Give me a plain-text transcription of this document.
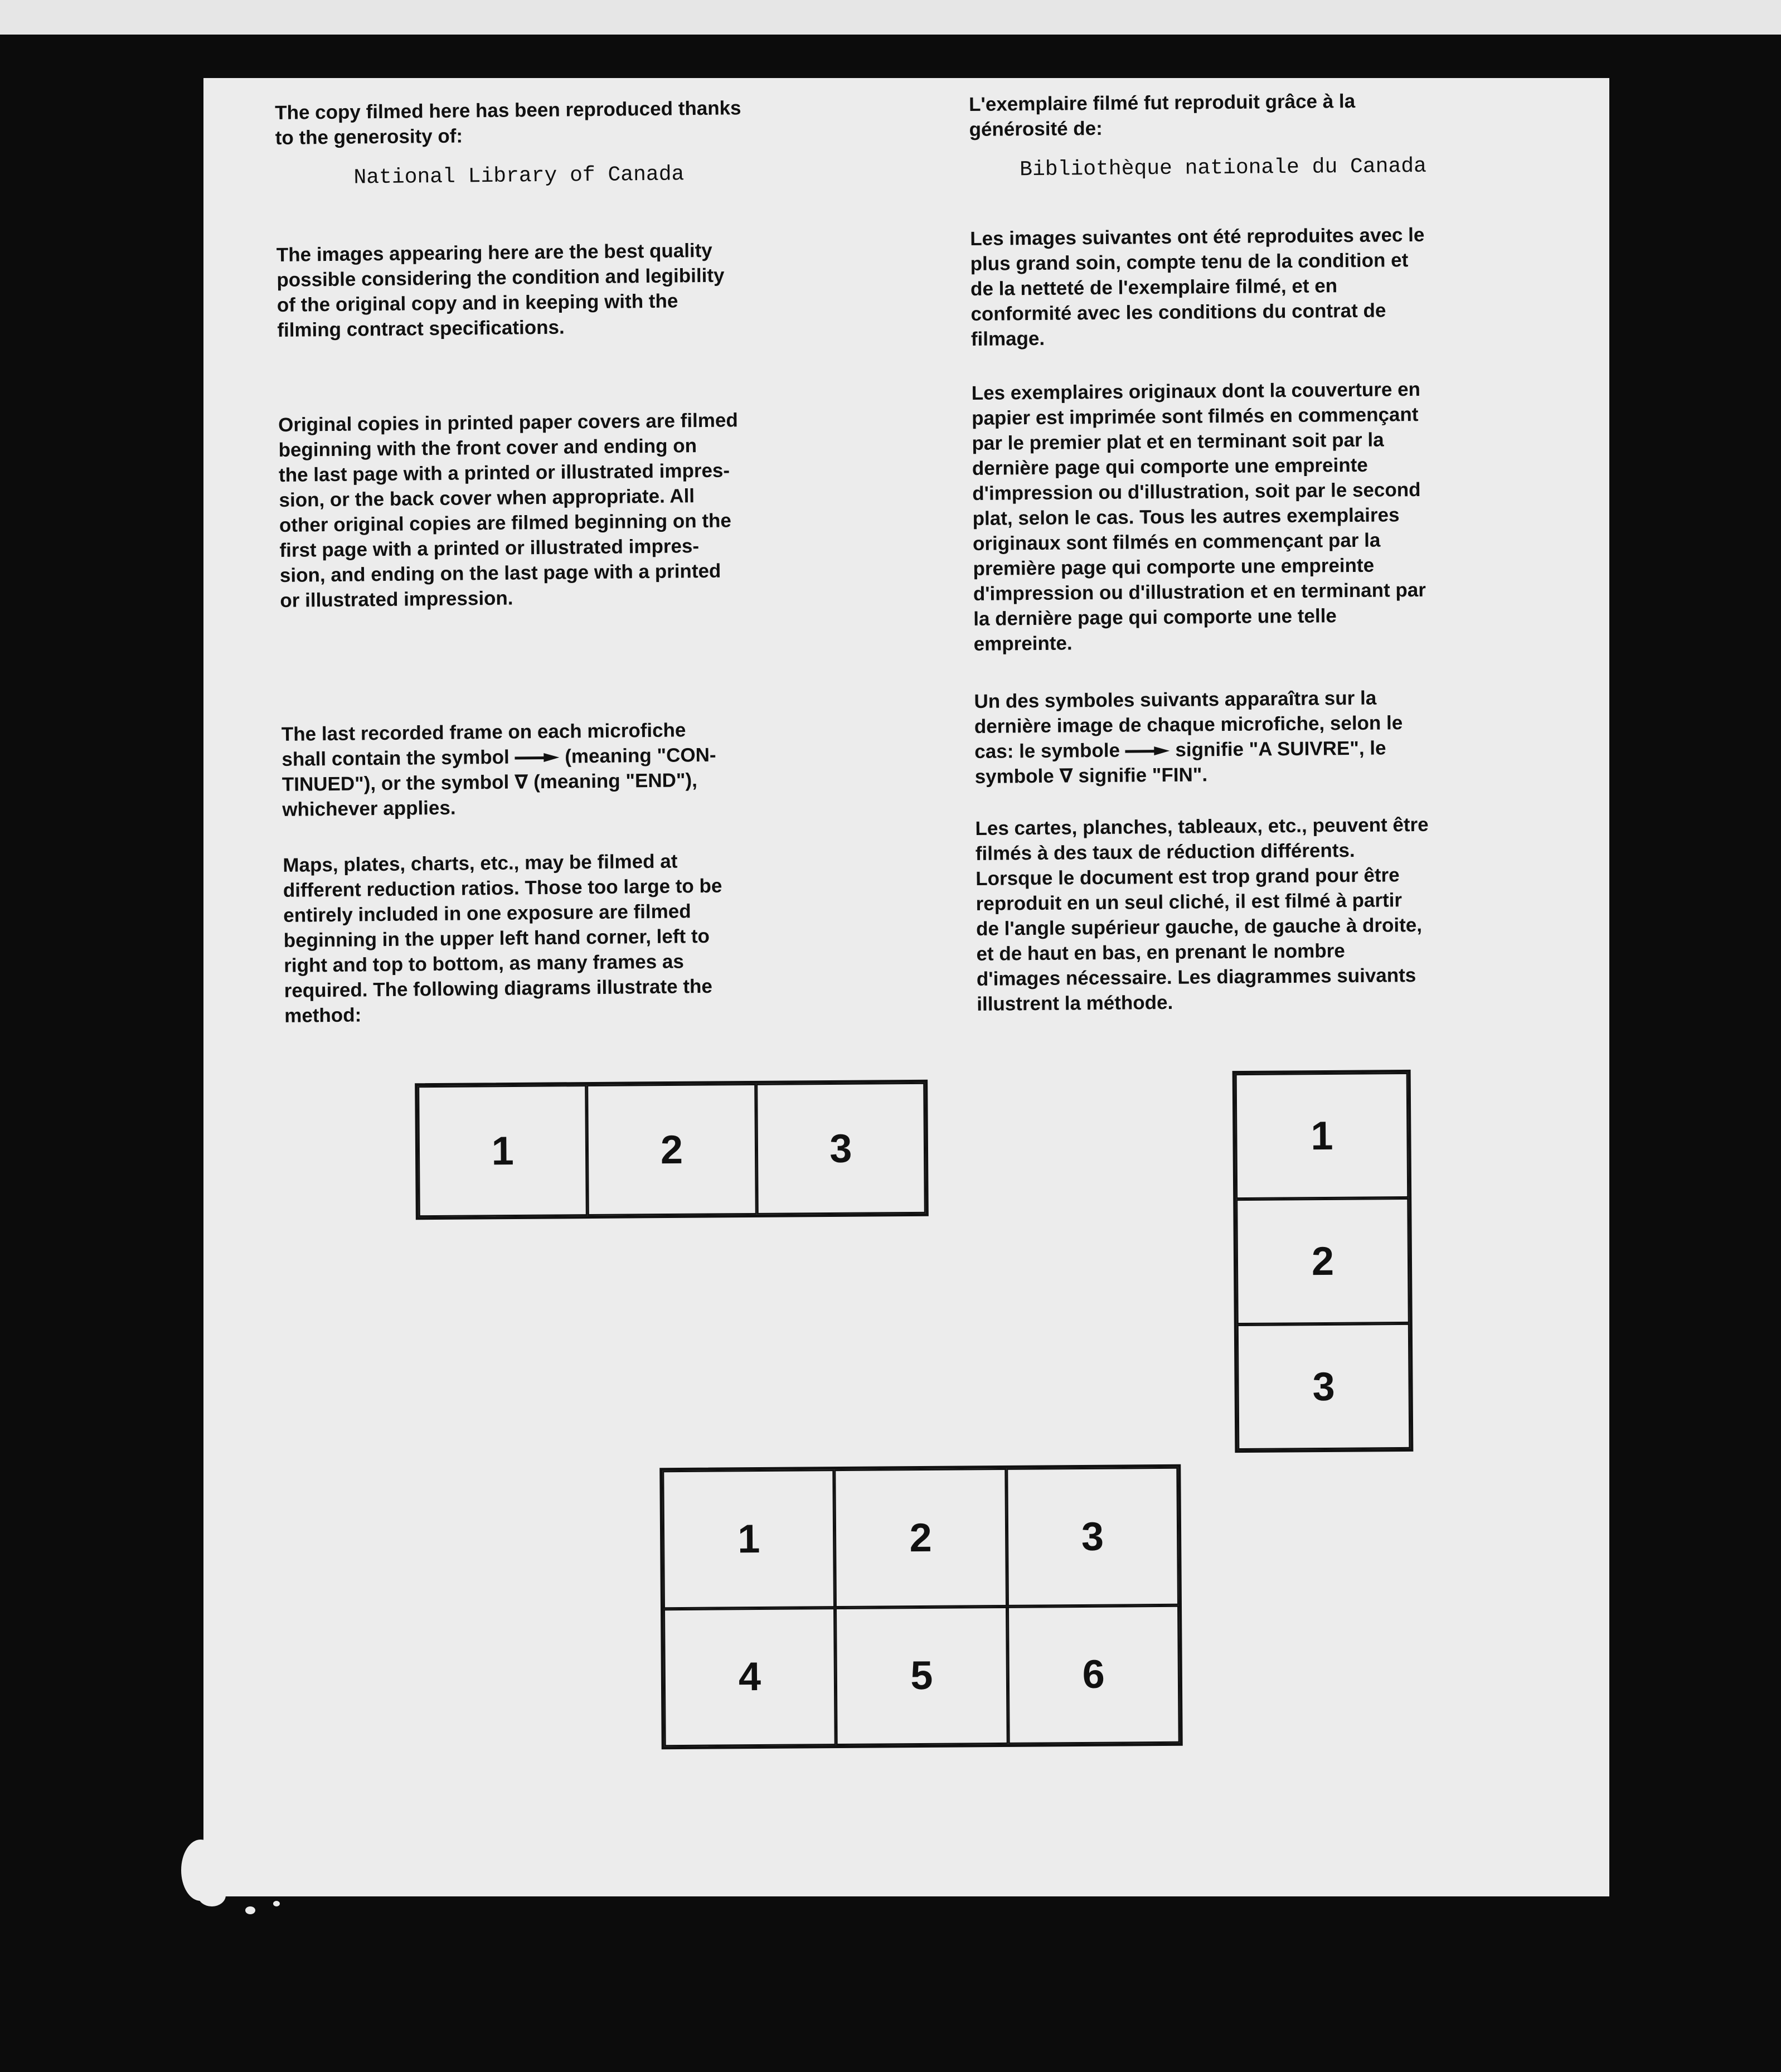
The copy filmed here has been reproduced thanks
to the generosity of:

National Library of Canada

The images appearing here are the best quality
possible considering the condition and legibility
of the original copy and in keeping with the
filming contract specifications.

Original copies in printed paper covers are filmed
beginning with the front cover and ending on
the last page with a printed or illustrated impres-
sion, or the back cover when appropriate. All
other original copies are filmed beginning on the
first page with a printed or illustrated impres-
sion, and ending on the last page with a printed
or illustrated impression.

The last recorded frame on each microfiche
shall contain the symbol  (meaning "CON-
TINUED"), or the symbol ∇ (meaning "END"),
whichever applies.

Maps, plates, charts, etc., may be filmed at
different reduction ratios. Those too large to be
entirely included in one exposure are filmed
beginning in the upper left hand corner, left to
right and top to bottom, as many frames as
required. The following diagrams illustrate the
method:

L'exemplaire filmé fut reproduit grâce à la
générosité de:

Bibliothèque nationale du Canada

Les images suivantes ont été reproduites avec le
plus grand soin, compte tenu de la condition et
de la netteté de l'exemplaire filmé, et en
conformité avec les conditions du contrat de
filmage.

Les exemplaires originaux dont la couverture en
papier est imprimée sont filmés en commençant
par le premier plat et en terminant soit par la
dernière page qui comporte une empreinte
d'impression ou d'illustration, soit par le second
plat, selon le cas. Tous les autres exemplaires
originaux sont filmés en commençant par la
première page qui comporte une empreinte
d'impression ou d'illustration et en terminant par
la dernière page qui comporte une telle
empreinte.

Un des symboles suivants apparaîtra sur la
dernière image de chaque microfiche, selon le
cas: le symbole  signifie "A SUIVRE", le
symbole ∇ signifie "FIN".

Les cartes, planches, tableaux, etc., peuvent être
filmés à des taux de réduction différents.
Lorsque le document est trop grand pour être
reproduit en un seul cliché, il est filmé à partir
de l'angle supérieur gauche, de gauche à droite,
et de haut en bas, en prenant le nombre
d'images nécessaire. Les diagrammes suivants
illustrent la méthode.

1	2	3	1
2
3
1	2	3
4	5	6
